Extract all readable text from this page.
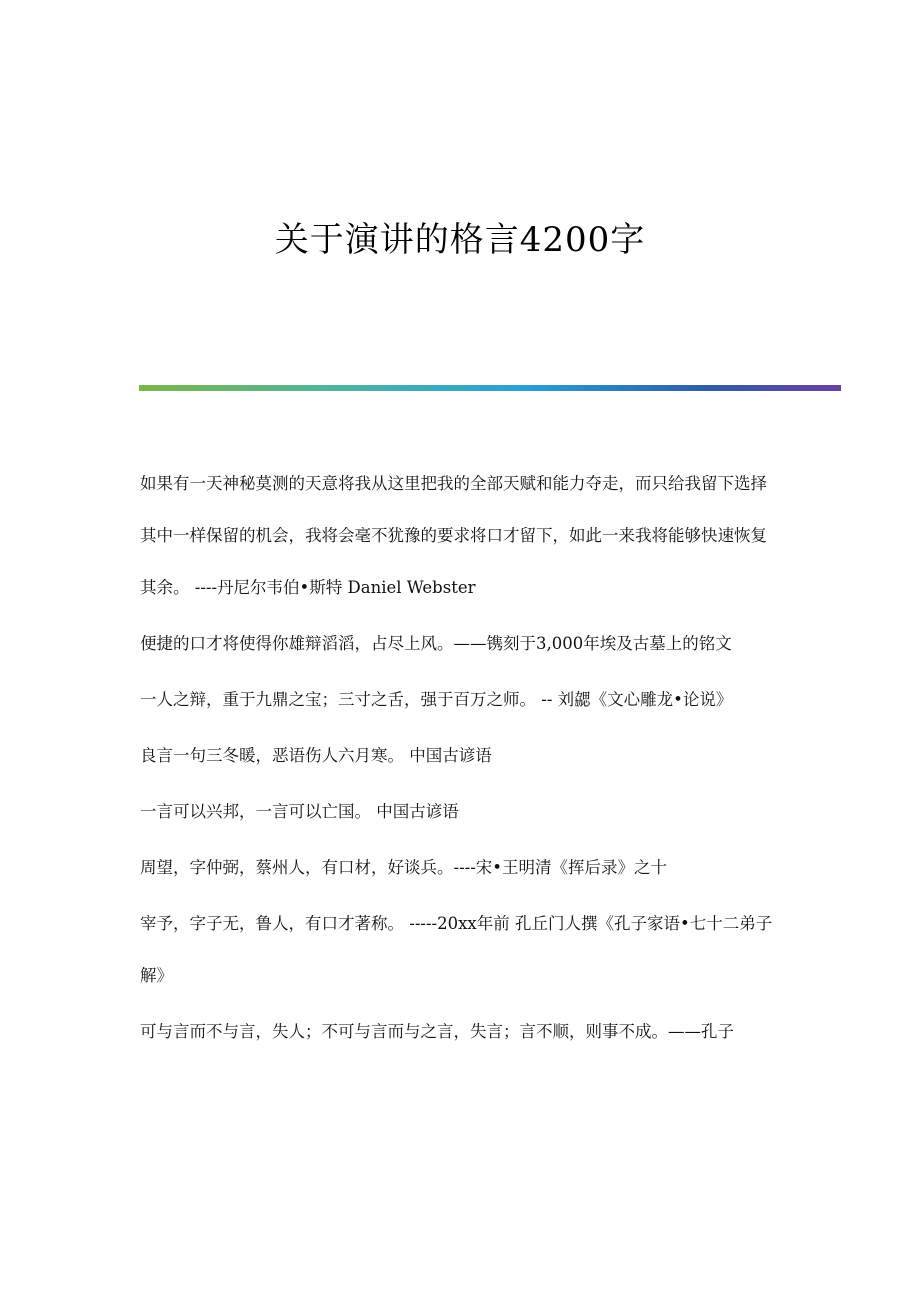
关于演讲的格言4200字

如果有一天神秘莫测的天意将我从这里把我的全部天赋和能力夺走，而只给我留下选择其中一样保留的机会，我将会毫不犹豫的要求将口才留下，如此一来我将能够快速恢复其余。 ----丹尼尔韦伯•斯特 Daniel Webster

便捷的口才将使得你雄辩滔滔，占尽上风。——镌刻于3,000年埃及古墓上的铭文

一人之辩，重于九鼎之宝；三寸之舌，强于百万之师。 -- 刘勰《文心雕龙•论说》

良言一句三冬暖，恶语伤人六月寒。 中国古谚语

一言可以兴邦，一言可以亡国。 中国古谚语

周望，字仲弼，蔡州人，有口材，好谈兵。----宋•王明清《挥后录》之十

宰予，字子无，鲁人，有口才著称。 -----20xx年前 孔丘门人撰《孔子家语•七十二弟子解》

可与言而不与言，失人；不可与言而与之言，失言；言不顺，则事不成。——孔子
